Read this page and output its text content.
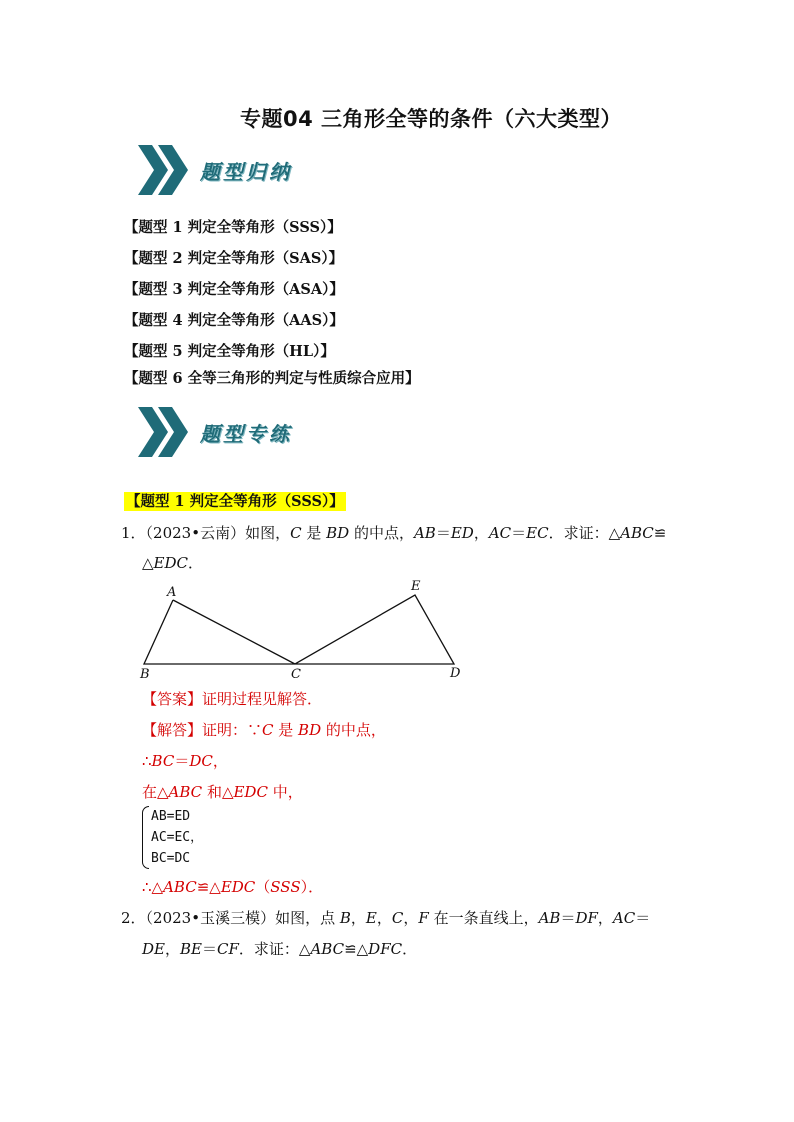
专题04 三角形全等的条件（六大类型）
题型归纳
【题型 1 判定全等角形（SSS）】
【题型 2 判定全等角形（SAS）】
【题型 3 判定全等角形（ASA）】
【题型 4 判定全等角形（AAS）】
【题型 5 判定全等角形（HL）】
【题型 6 全等三角形的判定与性质综合应用】
题型专练
【题型 1 判定全等角形（SSS）】
1．（2023•云南）如图，C 是 BD 的中点，AB＝ED，AC＝EC．求证：△ABC≌
△EDC．
A
B	C	D
E
【答案】证明过程见解答．
【解答】证明：∵C 是 BD 的中点，
∴BC＝DC，
在△ABC 和△EDC 中，
AB=ED
AC=EC，
BC=DC
∴△ABC≌△EDC（SSS）．
2．（2023•玉溪三模）如图，点 B，E，C，F 在一条直线上，AB＝DF，AC＝
DE，BE＝CF．求证：△ABC≌△DFC．
